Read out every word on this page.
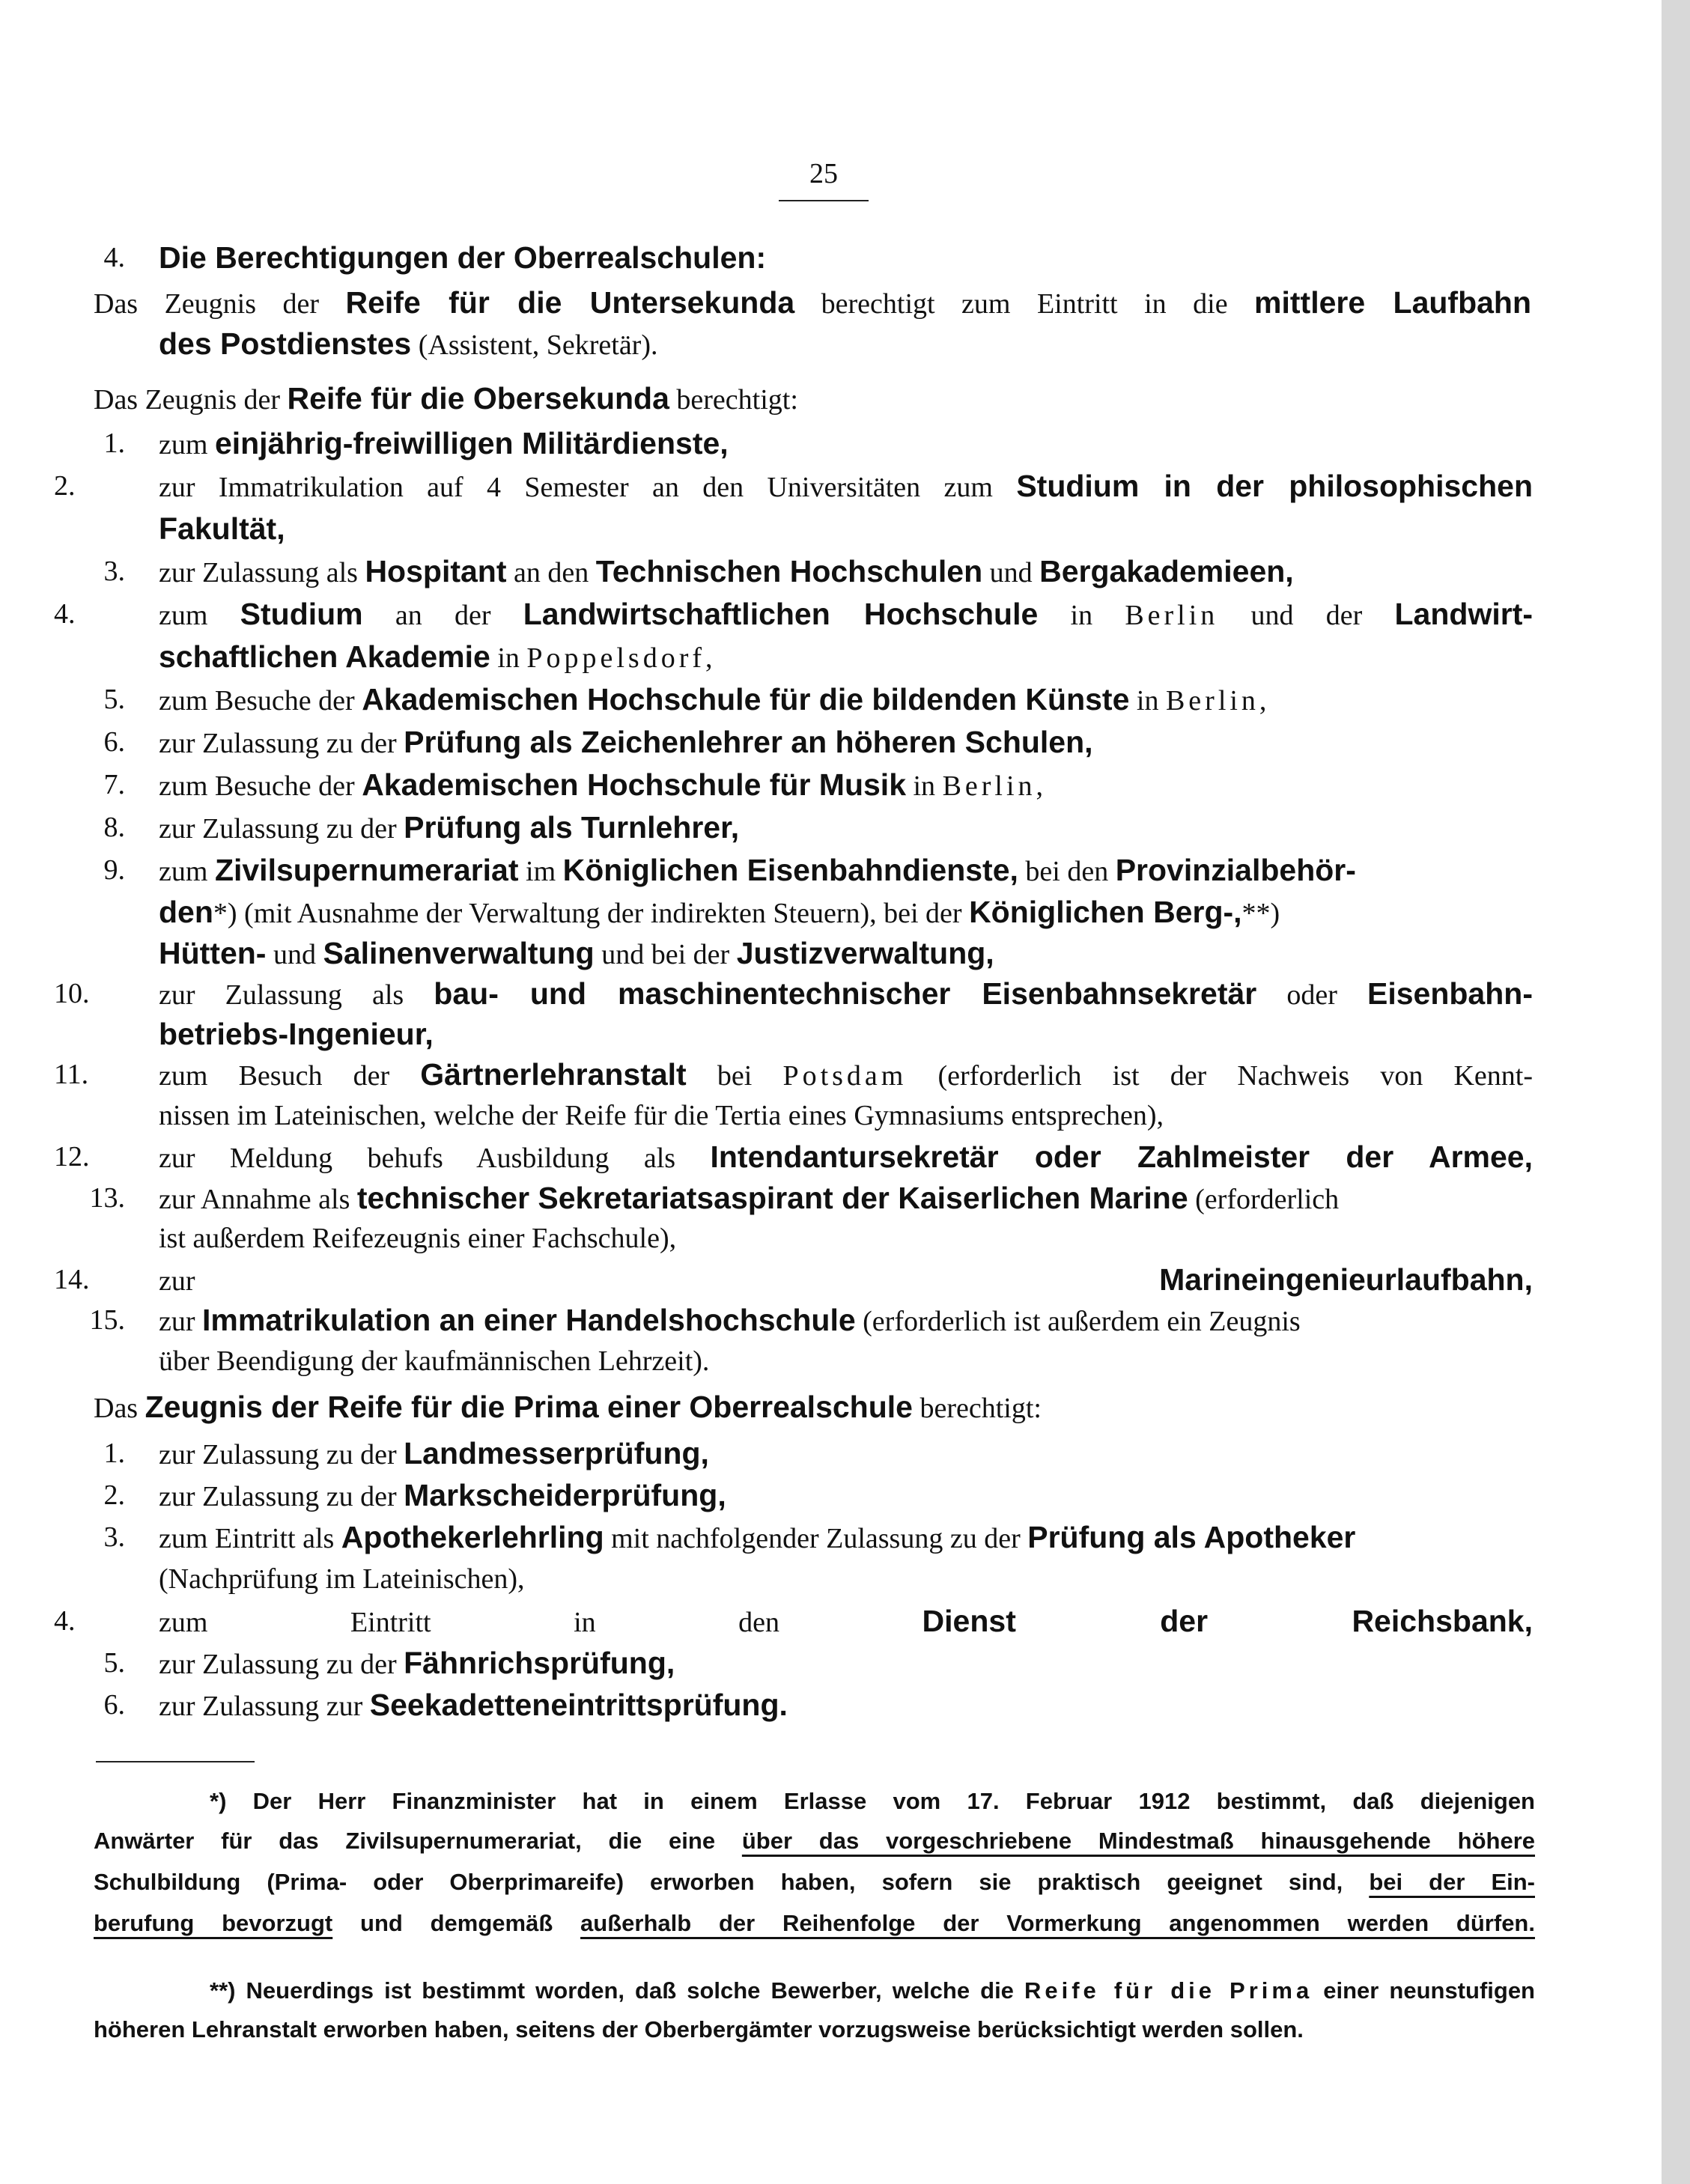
25
4. Die Berechtigungen der Oberrealschulen:
Das Zeugnis der Reife für die Untersekunda berechtigt zum Eintritt in die mittlere Laufbahn
des Postdienstes (Assistent, Sekretär).
Das Zeugnis der Reife für die Obersekunda berechtigt:
1. zum einjährig-freiwilligen Militärdienste,
2.	zur Immatrikulation auf 4 Semester an den Universitäten zum Studium in der philosophischen
Fakultät,
3. zur Zulassung als Hospitant an den Technischen Hochschulen und Bergakademieen,
4.	zum Studium an der Landwirtschaftlichen Hochschule in Berlin und der Landwirt-
schaftlichen Akademie in Poppelsdorf,
5. zum Besuche der Akademischen Hochschule für die bildenden Künste in Berlin,
6. zur Zulassung zu der Prüfung als Zeichenlehrer an höheren Schulen,
7. zum Besuche der Akademischen Hochschule für Musik in Berlin,
8. zur Zulassung zu der Prüfung als Turnlehrer,
9. zum Zivilsupernumerariat im Königlichen Eisenbahndienste, bei den Provinzialbehör-
den*) (mit Ausnahme der Verwaltung der indirekten Steuern), bei der Königlichen Berg-,**)
Hütten- und Salinenverwaltung und bei der Justizverwaltung,
10.	zur Zulassung als bau- und maschinentechnischer Eisenbahnsekretär oder Eisenbahn-
betriebs-Ingenieur,
11.	zum Besuch der Gärtnerlehranstalt bei Potsdam (erforderlich ist der Nachweis von Kennt-
nissen im Lateinischen, welche der Reife für die Tertia eines Gymnasiums entsprechen),
12.	zur Meldung behufs Ausbildung als Intendantursekretär oder Zahlmeister der Armee,
13. zur Annahme als technischer Sekretariatsaspirant der Kaiserlichen Marine (erforderlich
ist außerdem Reifezeugnis einer Fachschule),
14.	zur Marineingenieurlaufbahn,
15. zur Immatrikulation an einer Handelshochschule (erforderlich ist außerdem ein Zeugnis
über Beendigung der kaufmännischen Lehrzeit).
Das Zeugnis der Reife für die Prima einer Oberrealschule berechtigt:
1. zur Zulassung zu der Landmesserprüfung,
2. zur Zulassung zu der Markscheiderprüfung,
3. zum Eintritt als Apothekerlehrling mit nachfolgender Zulassung zu der Prüfung als Apotheker
(Nachprüfung im Lateinischen),
4.	zum Eintritt in den Dienst der Reichsbank,
5. zur Zulassung zu der Fähnrichsprüfung,
6. zur Zulassung zur Seekadetteneintrittsprüfung.
*) Der Herr Finanzminister hat in einem Erlasse vom 17. Februar 1912 bestimmt, daß diejenigen
Anwärter für das Zivilsupernumerariat, die eine über das vorgeschriebene Mindestmaß hinausgehende höhere
Schulbildung (Prima- oder Oberprimareife) erworben haben, sofern sie praktisch geeignet sind, bei der Ein-
berufung bevorzugt und demgemäß außerhalb der Reihenfolge der Vormerkung angenommen werden dürfen.
**) Neuerdings ist bestimmt worden, daß solche Bewerber, welche die Reife für die Prima einer neunstufigen
höheren Lehranstalt erworben haben, seitens der Oberbergämter vorzugsweise berücksichtigt werden sollen.
